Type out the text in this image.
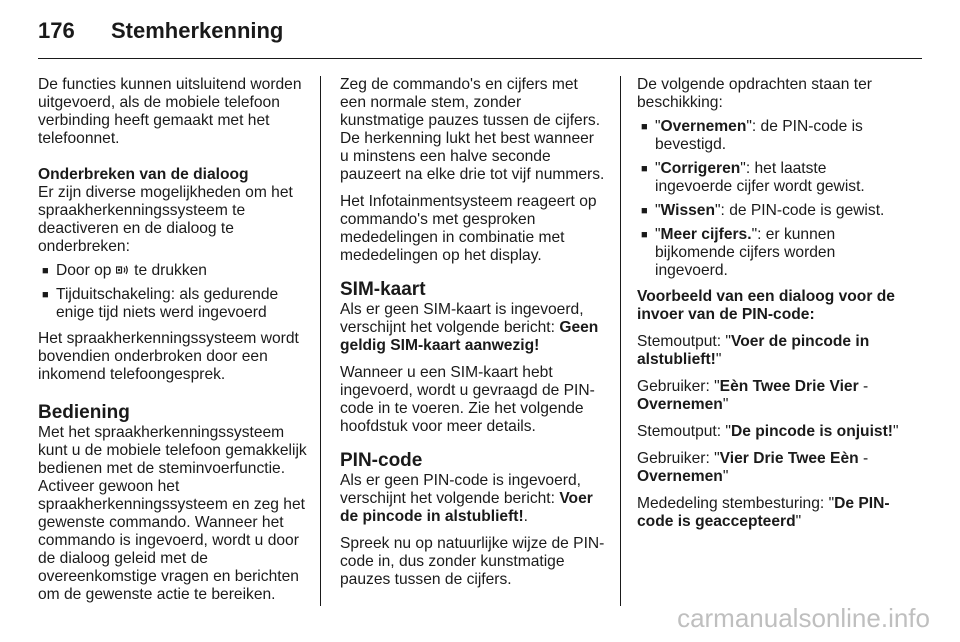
176 Stemherkenning

De functies kunnen uitsluitend worden uitgevoerd, als de mobiele telefoon verbinding heeft gemaakt met het telefoonnet.

Onderbreken van de dialoog

Er zijn diverse mogelijkheden om het spraakherkenningssysteem te deactiveren en de dialoog te onderbreken:

■ Door op  te drukken
■ Tijduitschakeling: als gedurende enige tijd niets werd ingevoerd

Het spraakherkenningssysteem wordt bovendien onderbroken door een inkomend telefoongesprek.

Bediening

Met het spraakherkenningssysteem kunt u de mobiele telefoon gemakkelijk bedienen met de steminvoerfunctie. Activeer gewoon het spraakherkenningssysteem en zeg het gewenste commando. Wanneer het commando is ingevoerd, wordt u door de dialoog geleid met de overeenkomstige vragen en berichten om de gewenste actie te bereiken.

Zeg de commando's en cijfers met een normale stem, zonder kunstmatige pauzes tussen de cijfers. De herkenning lukt het best wanneer u minstens een halve seconde pauzeert na elke drie tot vijf nummers.

Het Infotainmentsysteem reageert op commando's met gesproken mededelingen in combinatie met mededelingen op het display.

SIM-kaart

Als er geen SIM-kaart is ingevoerd, verschijnt het volgende bericht: Geen geldig SIM-kaart aanwezig!

Wanneer u een SIM-kaart hebt ingevoerd, wordt u gevraagd de PIN-code in te voeren. Zie het volgende hoofdstuk voor meer details.

PIN-code

Als er geen PIN-code is ingevoerd, verschijnt het volgende bericht: Voer de pincode in alstublieft!.

Spreek nu op natuurlijke wijze de PIN-code in, dus zonder kunstmatige pauzes tussen de cijfers.

De volgende opdrachten staan ter beschikking:

■ "Overnemen": de PIN-code is bevestigd.
■ "Corrigeren": het laatste ingevoerde cijfer wordt gewist.
■ "Wissen": de PIN-code is gewist.
■ "Meer cijfers.": er kunnen bijkomende cijfers worden ingevoerd.

Voorbeeld van een dialoog voor de invoer van de PIN-code:

Stemoutput: "Voer de pincode in alstublieft!"

Gebruiker: "Eèn Twee Drie Vier - Overnemen"

Stemoutput: "De pincode is onjuist!"

Gebruiker: "Vier Drie Twee Eèn - Overnemen"

Mededeling stembesturing: "De PIN-code is geaccepteerd"

carmanualsonline.info
